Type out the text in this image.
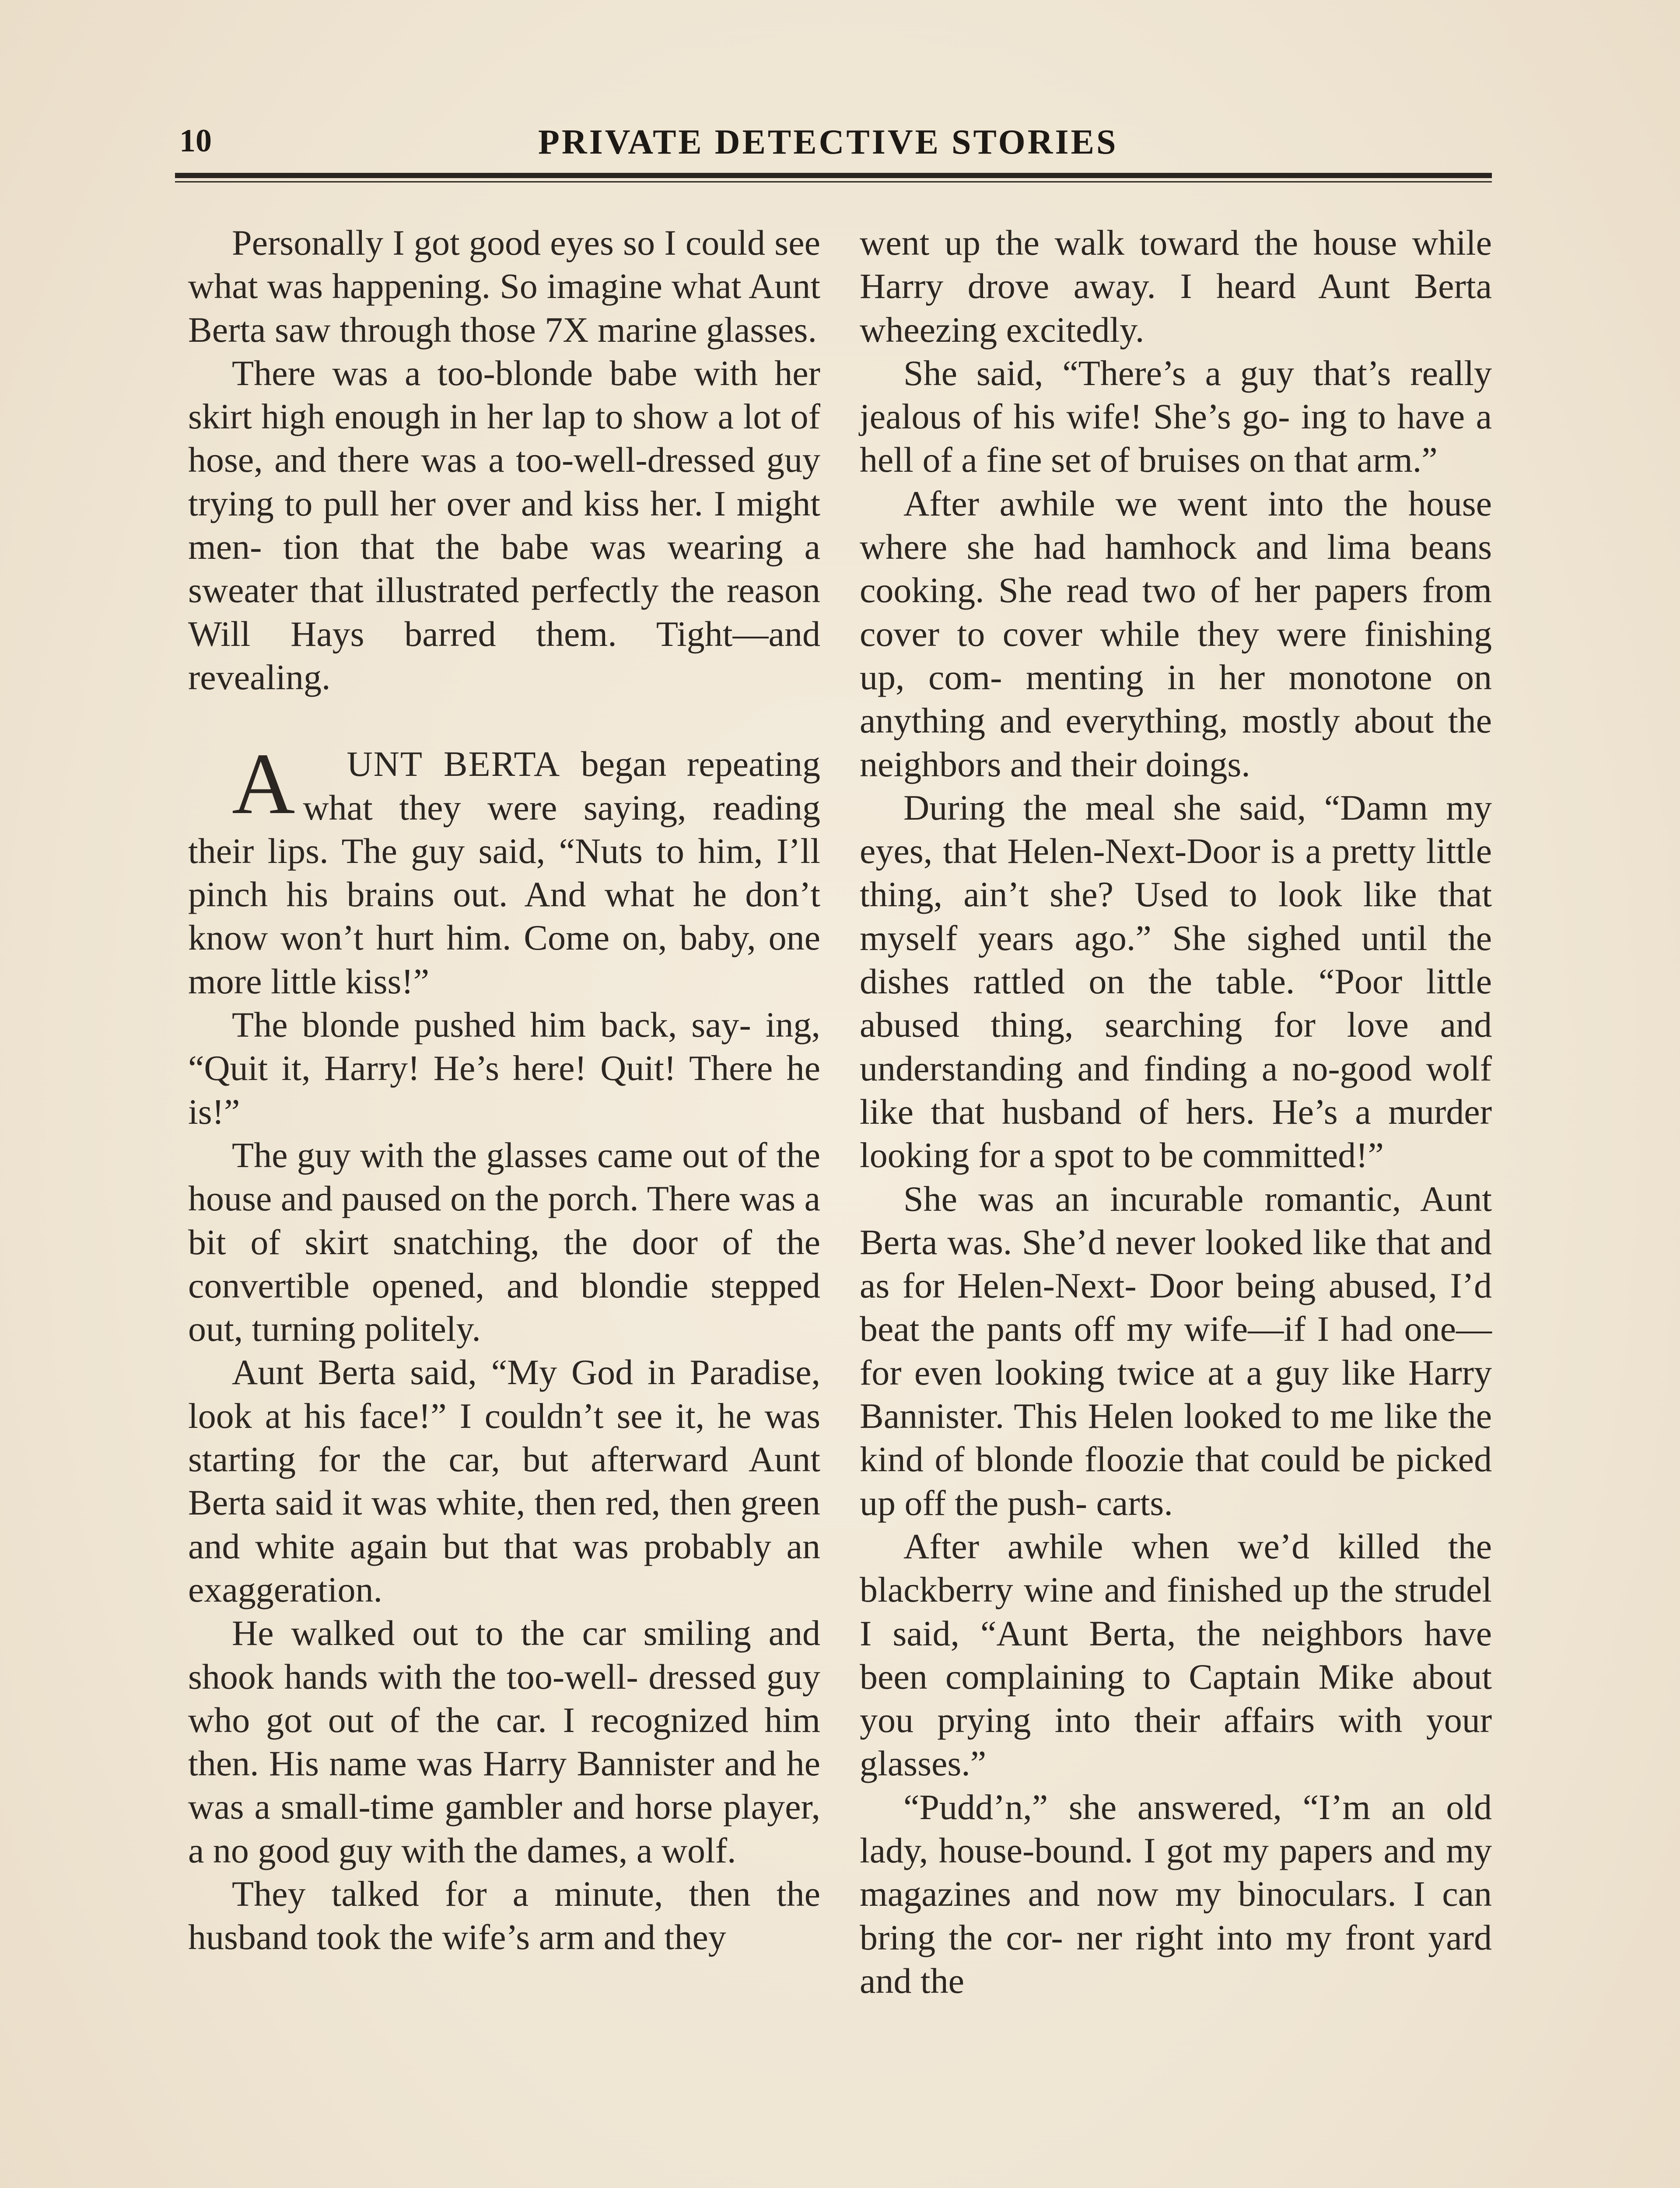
10	PRIVATE DETECTIVE STORIES

Personally I got good eyes so I could see what was happening. So imagine what Aunt Berta saw through those 7X marine glasses.

There was a too-blonde babe with her skirt high enough in her lap to show a lot of hose, and there was a too-well-dressed guy trying to pull her over and kiss her. I might men- tion that the babe was wearing a sweater that illustrated perfectly the reason Will Hays barred them. Tight—and revealing.

A UNT BERTA began repeating what they were saying, reading their lips. The guy said, “Nuts to him, I’ll pinch his brains out. And what he don’t know won’t hurt him. Come on, baby, one more little kiss!”

The blonde pushed him back, say- ing, “Quit it, Harry! He’s here! Quit! There he is!”

The guy with the glasses came out of the house and paused on the porch. There was a bit of skirt snatching, the door of the convertible opened, and blondie stepped out, turning politely.

Aunt Berta said, “My God in Paradise, look at his face!” I couldn’t see it, he was starting for the car, but afterward Aunt Berta said it was white, then red, then green and white again but that was probably an exaggeration.

He walked out to the car smiling and shook hands with the too-well- dressed guy who got out of the car. I recognized him then. His name was Harry Bannister and he was a small-time gambler and horse player, a no good guy with the dames, a wolf.

They talked for a minute, then the husband took the wife’s arm and they

went up the walk toward the house while Harry drove away. I heard Aunt Berta wheezing excitedly.

She said, “There’s a guy that’s really jealous of his wife! She’s go- ing to have a hell of a fine set of bruises on that arm.”

After awhile we went into the house where she had hamhock and lima beans cooking. She read two of her papers from cover to cover while they were finishing up, com- menting in her monotone on anything and everything, mostly about the neighbors and their doings.

During the meal she said, “Damn my eyes, that Helen-Next-Door is a pretty little thing, ain’t she? Used to look like that myself years ago.” She sighed until the dishes rattled on the table. “Poor little abused thing, searching for love and understanding and finding a no-good wolf like that husband of hers. He’s a murder looking for a spot to be committed!”

She was an incurable romantic, Aunt Berta was. She’d never looked like that and as for Helen-Next- Door being abused, I’d beat the pants off my wife—if I had one—for even looking twice at a guy like Harry Bannister. This Helen looked to me like the kind of blonde floozie that could be picked up off the push- carts.

After awhile when we’d killed the blackberry wine and finished up the strudel I said, “Aunt Berta, the neighbors have been complaining to Captain Mike about you prying into their affairs with your glasses.”

“Pudd’n,” she answered, “I’m an old lady, house-bound. I got my papers and my magazines and now my binoculars. I can bring the cor- ner right into my front yard and the
